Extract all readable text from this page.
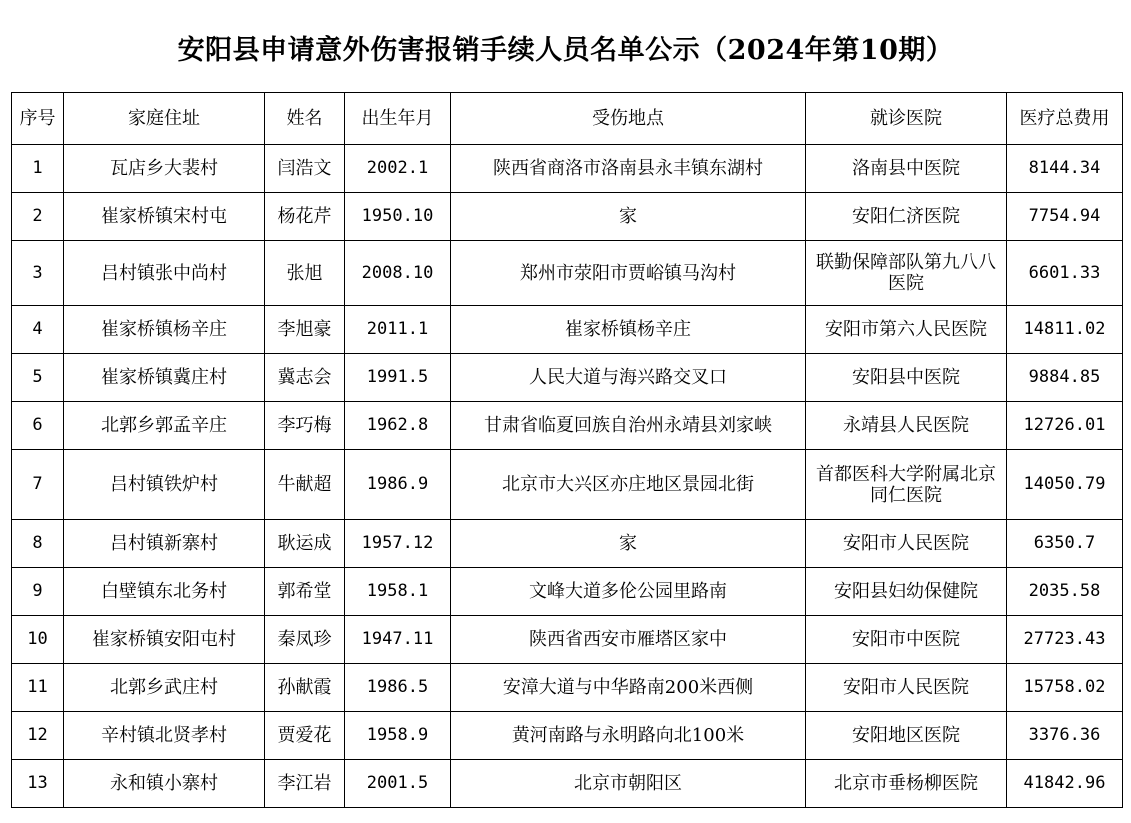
安阳县申请意外伤害报销手续人员名单公示（2024年第10期）
序号	家庭住址	姓名	出生年月	受伤地点	就诊医院	医疗总费用
1	瓦店乡大裴村	闫浩文	2002.1	陕西省商洛市洛南县永丰镇东湖村	洛南县中医院	8144.34
2	崔家桥镇宋村屯	杨花芹	1950.10	家	安阳仁济医院	7754.94
3	吕村镇张中尚村	张旭	2008.10	郑州市荥阳市贾峪镇马沟村	联勤保障部队第九八八医院	6601.33
4	崔家桥镇杨辛庄	李旭豪	2011.1	崔家桥镇杨辛庄	安阳市第六人民医院	14811.02
5	崔家桥镇冀庄村	冀志会	1991.5	人民大道与海兴路交叉口	安阳县中医院	9884.85
6	北郭乡郭孟辛庄	李巧梅	1962.8	甘肃省临夏回族自治州永靖县刘家峡	永靖县人民医院	12726.01
7	吕村镇铁炉村	牛献超	1986.9	北京市大兴区亦庄地区景园北街	首都医科大学附属北京同仁医院	14050.79
8	吕村镇新寨村	耿运成	1957.12	家	安阳市人民医院	6350.7
9	白壁镇东北务村	郭希堂	1958.1	文峰大道多伦公园里路南	安阳县妇幼保健院	2035.58
10	崔家桥镇安阳屯村	秦凤珍	1947.11	陕西省西安市雁塔区家中	安阳市中医院	27723.43
11	北郭乡武庄村	孙献霞	1986.5	安漳大道与中华路南200米西侧	安阳市人民医院	15758.02
12	辛村镇北贤孝村	贾爱花	1958.9	黄河南路与永明路向北100米	安阳地区医院	3376.36
13	永和镇小寨村	李江岩	2001.5	北京市朝阳区	北京市垂杨柳医院	41842.96
